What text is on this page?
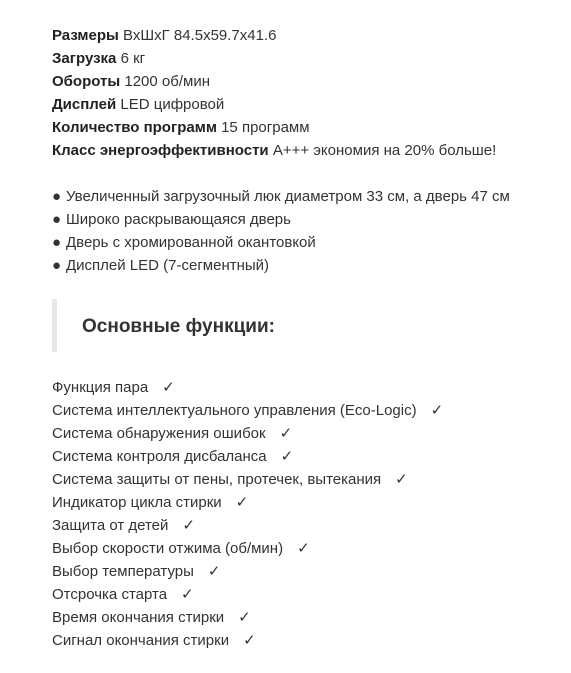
Размеры ВхШхГ 84.5х59.7х41.6
Загрузка 6 кг
Обороты 1200 об/мин
Дисплей LED цифровой
Количество программ 15 программ
Класс энергоэффективности A+++ экономия на 20% больше!
● Увеличенный загрузочный люк диаметром 33 см, а дверь 47 см
● Широко раскрывающаяся дверь
● Дверь с хромированной окантовкой
● Дисплей LED (7-сегментный)
Основные функции:
Функция пара ✓
Система интеллектуального управления (Eco-Logic) ✓
Система обнаружения ошибок ✓
Система контроля дисбаланса ✓
Система защиты от пены, протечек, вытекания ✓
Индикатор цикла стирки ✓
Защита от детей ✓
Выбор скорости отжима (об/мин) ✓
Выбор температуры ✓
Отсрочка старта ✓
Время окончания стирки ✓
Сигнал окончания стирки ✓
